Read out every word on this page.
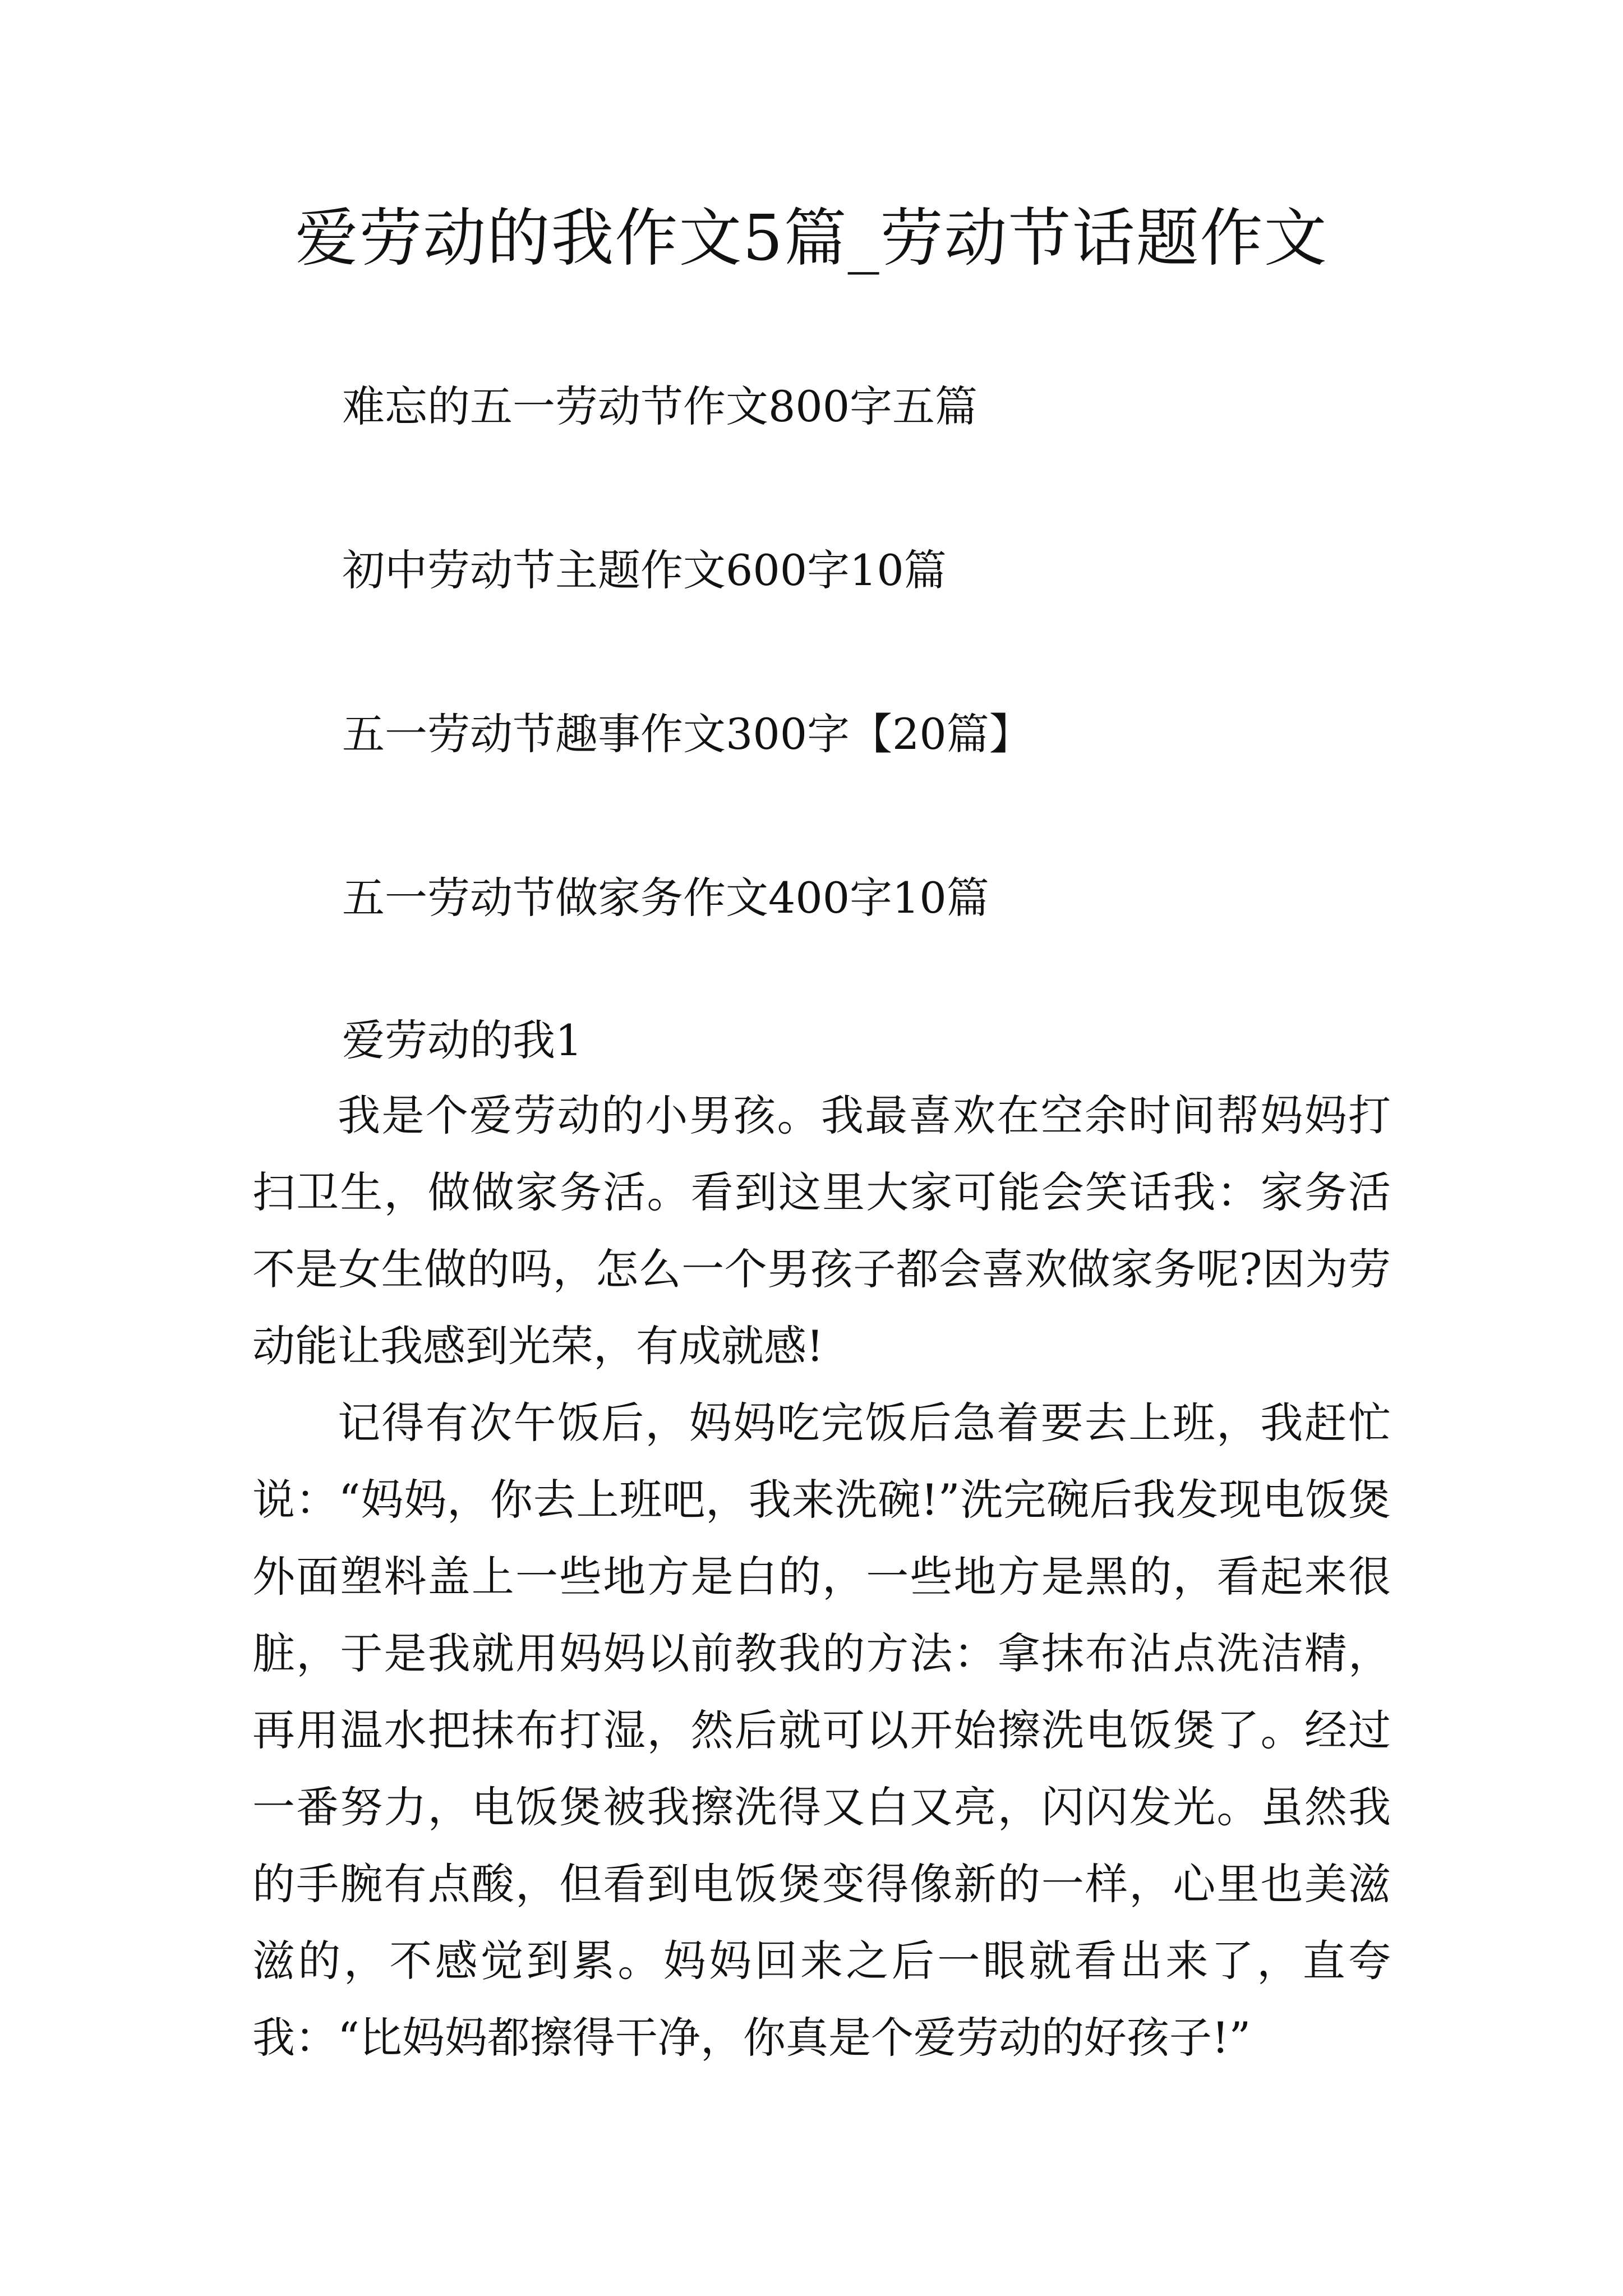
爱劳动的我作文5篇_劳动节话题作文
难忘的五一劳动节作文800字五篇
初中劳动节主题作文600字10篇
五一劳动节趣事作文300字【20篇】
五一劳动节做家务作文400字10篇
爱劳动的我1

我是个爱劳动的小男孩。我最喜欢在空余时间帮妈妈打扫卫生，做做家务活。看到这里大家可能会笑话我：家务活不是女生做的吗，怎么一个男孩子都会喜欢做家务呢?因为劳动能让我感到光荣，有成就感!

记得有次午饭后，妈妈吃完饭后急着要去上班，我赶忙说：“妈妈，你去上班吧，我来洗碗!”洗完碗后我发现电饭煲外面塑料盖上一些地方是白的，一些地方是黑的，看起来很脏，于是我就用妈妈以前教我的方法：拿抹布沾点洗洁精，再用温水把抹布打湿，然后就可以开始擦洗电饭煲了。经过一番努力，电饭煲被我擦洗得又白又亮，闪闪发光。虽然我的手腕有点酸，但看到电饭煲变得像新的一样，心里也美滋滋的，不感觉到累。妈妈回来之后一眼就看出来了，直夸我：“比妈妈都擦得干净，你真是个爱劳动的好孩子!”
